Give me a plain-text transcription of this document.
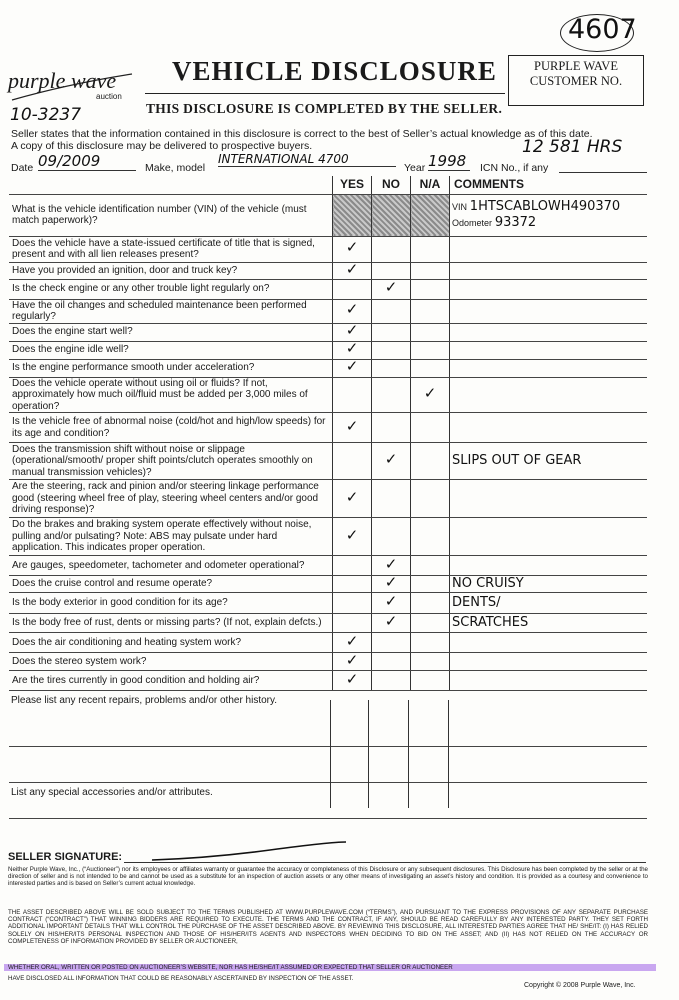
4607
purple wave
auction
10-3237
VEHICLE DISCLOSURE	PURPLE WAVE
CUSTOMER NO.
THIS DISCLOSURE IS COMPLETED BY THE SELLER.
Seller states that the information contained in this disclosure is correct to the best of Seller’s actual knowledge as of this date.
A copy of this disclosure may be delivered to prospective buyers.	12 581 HRS
Date 09/2009	Make, model
INTERNATIONAL 4700
Year 1998	ICN No., if any
	YES	NO	N/A	COMMENTS
What is the vehicle identification number (VIN) of the vehicle (must match paperwork)?				VIN 1HTSCABLOWH490370
Odometer 93372

Does the vehicle have a state-issued certificate of title that is signed, present and with all lien releases present?	✓			
Have you provided an ignition, door and truck key?	✓			
Is the check engine or any other trouble light regularly on?		✓		
Have the oil changes and scheduled maintenance been performed regularly?	✓			
Does the engine start well?	✓			
Does the engine idle well?	✓			
Is the engine performance smooth under acceleration?	✓			
Does the vehicle operate without using oil or fluids? If not, approximately how much oil/fluid must be added per 3,000 miles of operation?			✓	
Is the vehicle free of abnormal noise (cold/hot and high/low speeds) for its age and condition?	✓			
Does the transmission shift without noise or slippage (operational/smooth/ proper shift points/clutch operates smoothly on manual transmission vehicles)?		✓		SLIPS OUT OF GEAR
Are the steering, rack and pinion and/or steering linkage performance good (steering wheel free of play, steering wheel centers and/or good driving response)?	✓			
Do the brakes and braking system operate effectively without noise, pulling and/or pulsating? Note: ABS may pulsate under hard application. This indicates proper operation.	✓			
Are gauges, speedometer, tachometer and odometer operational?		✓		
Does the cruise control and resume operate?		✓		NO CRUISY
Is the body exterior in good condition for its age?		✓		DENTS/
Is the body free of rust, dents or missing parts? (If not, explain defcts.)		✓		SCRATCHES
Does the air conditioning and heating system work?	✓			
Does the stereo system work?	✓			
Are the tires currently in good condition and holding air?	✓			
Please list any recent repairs, problems and/or other history.				

List any special accessories and/or attributes.				
SELLER SIGNATURE:
Neither Purple Wave, Inc., (“Auctioneer”) nor its employees or affiliates warranty or guarantee the accuracy or completeness of this Disclosure or any subsequent disclosures. This Disclosure has been completed by the seller or at the direction of seller and is not intended to be and cannot be used as a substitute for an inspection of auction assets or any other means of investigating an asset’s history and condition. It is provided as a courtesy and convenience to interested parties and is based on Seller’s current actual knowledge.
THE ASSET DESCRIBED ABOVE WILL BE SOLD SUBJECT TO THE TERMS PUBLISHED AT WWW.PURPLEWAVE.COM (“TERMS”), AND PURSUANT TO THE EXPRESS PROVISIONS OF ANY SEPARATE PURCHASE CONTRACT (“CONTRACT”) THAT WINNING BIDDERS ARE REQUIRED TO EXECUTE. THE TERMS AND THE CONTRACT, IF ANY, SHOULD BE READ CAREFULLY BY ANY INTERESTED PARTY. THEY SET FORTH ADDITIONAL IMPORTANT DETAILS THAT WILL CONTROL THE PURCHASE OF THE ASSET DESCRIBED ABOVE. BY REVIEWING THIS DISCLOSURE, ALL INTERESTED PARTIES AGREE THAT HE/ SHE/IT: (I) HAS RELIED SOLELY ON HIS/HER/ITS PERSONAL INSPECTION AND THOSE OF HIS/HER/ITS AGENTS AND INSPECTORS WHEN DECIDING TO BID ON THE ASSET; AND (II) HAS NOT RELIED ON THE ACCURACY OR COMPLETENESS OF INFORMATION PROVIDED BY SELLER OR AUCTIONEER,
WHETHER ORAL, WRITTEN OR POSTED ON AUCTIONEER’S WEBSITE, NOR HAS HE/SHE/IT ASSUMED OR EXPECTED THAT SELLER OR AUCTIONEER
HAVE DISCLOSED ALL INFORMATION THAT COULD BE REASONABLY ASCERTAINED BY INSPECTION OF THE ASSET.
Copyright © 2008 Purple Wave, Inc.
